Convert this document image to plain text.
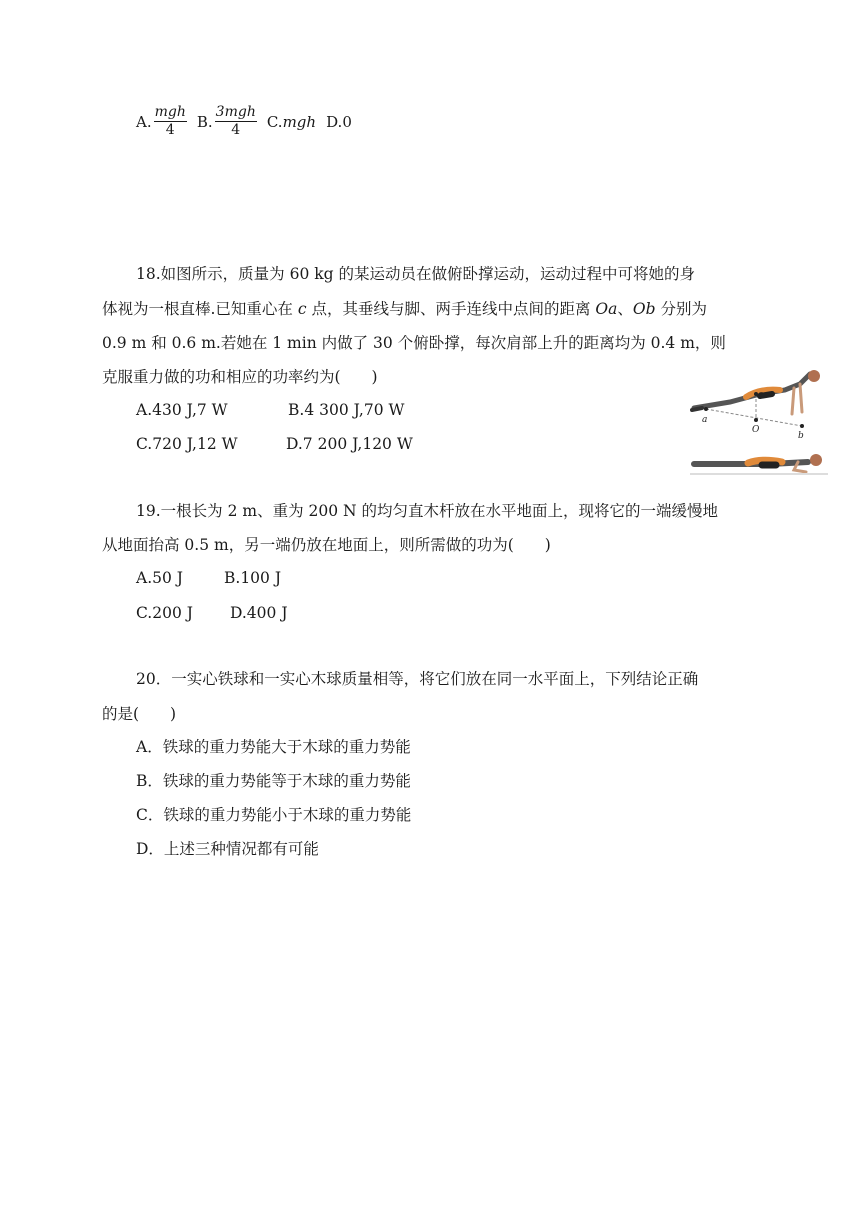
A. $\frac{\text{mgh}}{4} B$. $\frac{\text{3mgh}}{4} C$. mgh D.0
18.如图所示，质量为 60 kg 的某运动员在做俯卧撑运动，运动过程中可将她的身
体视为一根直棒.已知重心在 c 点，其垂线与脚、两手连线中点间的距离 Oa、Ob 分别为
0.9 m 和 0.6 m.若她在 1 min 内做了 30 个俯卧撑，每次肩部上升的距离均为 0.4 m，则
克服重力做的功和相应的功率约为(　　)
A.430 J,7 W	B.4 300 J,70 W
C.720 J,12 W	D.7 200 J,120 W
a
O
b
c
19.一根长为 2 m、重为 200 N 的均匀直木杆放在水平地面上，现将它的一端缓慢地
从地面抬高 0.5 m，另一端仍放在地面上，则所需做的功为(　　)
A.50 J	B.100 J
C.200 J D.400 J
20．一实心铁球和一实心木球质量相等，将它们放在同一水平面上，下列结论正确
的是(　　)
A．铁球的重力势能大于木球的重力势能
B．铁球的重力势能等于木球的重力势能
C．铁球的重力势能小于木球的重力势能
D．上述三种情况都有可能
